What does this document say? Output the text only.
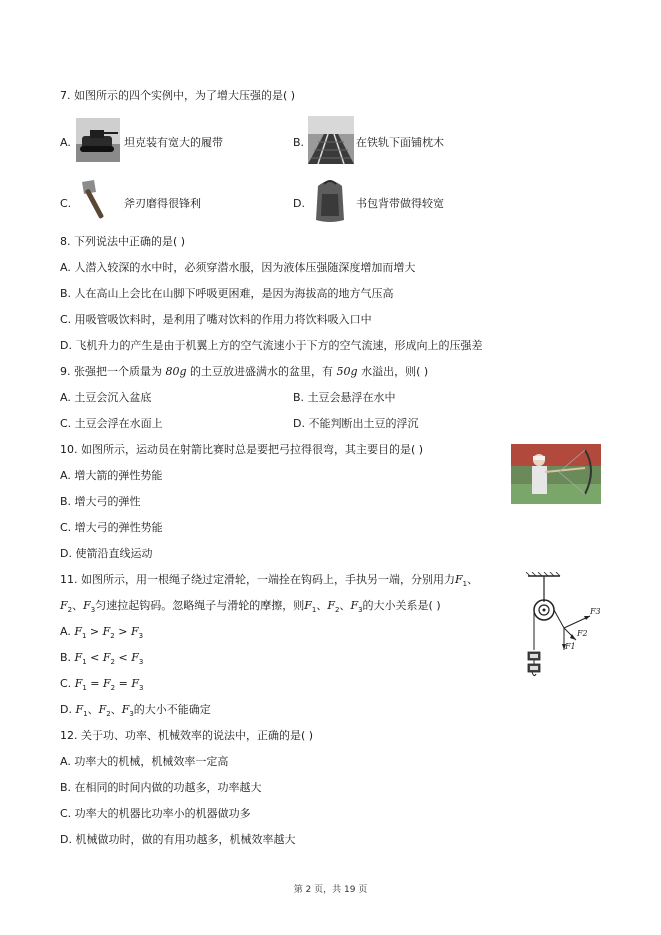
7. 如图所示的四个实例中，为了增大压强的是( )
A.	坦克装有宽大的履带	B.	在铁轨下面铺枕木
C.	斧刃磨得很锋利	D.	书包背带做得较宽
8. 下列说法中正确的是( )
A. 人潜入较深的水中时，必须穿潜水服，因为液体压强随深度增加而增大
B. 人在高山上会比在山脚下呼吸更困难，是因为海拔高的地方气压高
C. 用吸管吸饮料时，是利用了嘴对饮料的作用力将饮料吸入口中
D. 飞机升力的产生是由于机翼上方的空气流速小于下方的空气流速，形成向上的压强差
9. 张强把一个质量为 80g 的土豆放进盛满水的盆里，有 50g 水溢出，则( )
A. 土豆会沉入盆底	B. 土豆会悬浮在水中
C. 土豆会浮在水面上	D. 不能判断出土豆的浮沉
10. 如图所示，运动员在射箭比赛时总是要把弓拉得很弯，其主要目的是( )
A. 增大箭的弹性势能
B. 增大弓的弹性
C. 增大弓的弹性势能
D. 使箭沿直线运动
11. 如图所示，用一根绳子绕过定滑轮，一端拴在钩码上，手执另一端，分别用力$F_1$、
$F_2$、$F_3$匀速拉起钩码。忽略绳子与滑轮的摩擦，则$F_1$、$F_2$、$F_3$的大小关系是( )
A. $F_1 > F_2 > F_3$
B. $F_1 < F_2 < F_3$
C. $F_1 = F_2 = F_3$
D. $F_1$、$F_2$、$F_3$的大小不能确定
F3
F2
F1
12. 关于功、功率、机械效率的说法中，正确的是( )
A. 功率大的机械，机械效率一定高
B. 在相同的时间内做的功越多，功率越大
C. 功率大的机器比功率小的机器做功多
D. 机械做功时，做的有用功越多，机械效率越大
第 2 页，共 19 页
